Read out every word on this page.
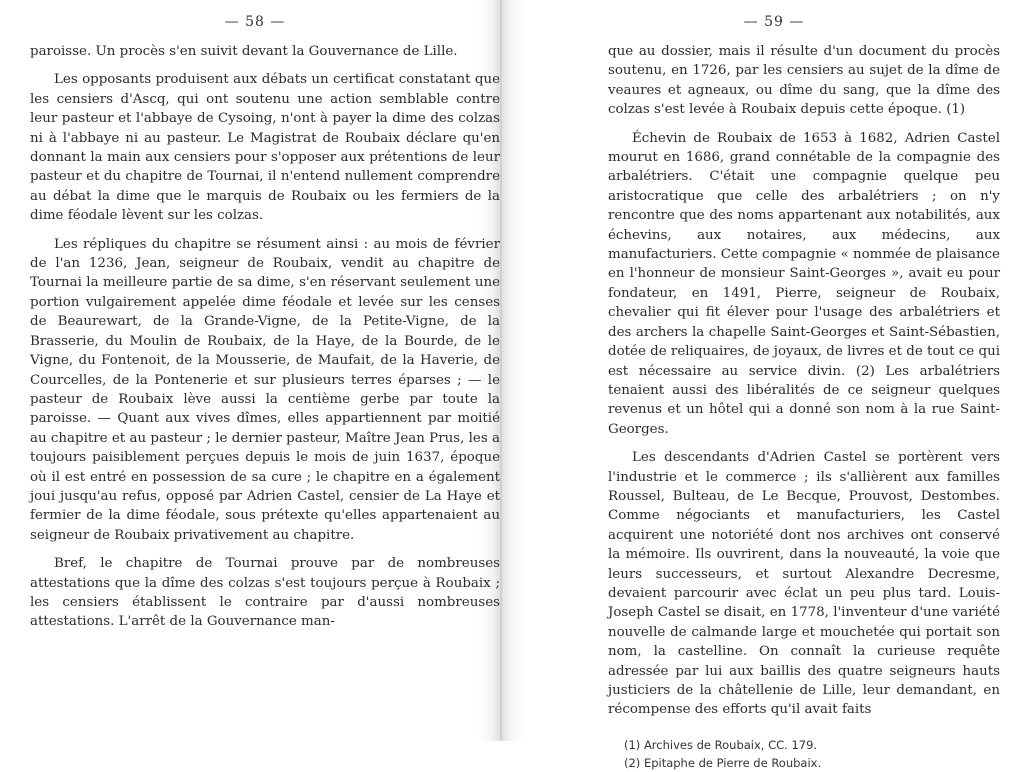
— 58 —

paroisse. Un procès s'en suivit devant la Gouvernance de Lille.

Les opposants produisent aux débats un certificat constatant que les censiers d'Ascq, qui ont soutenu une action semblable contre leur pasteur et l'abbaye de Cysoing, n'ont à payer la dime des colzas ni à l'abbaye ni au pasteur. Le Magistrat de Roubaix déclare qu'en donnant la main aux censiers pour s'opposer aux prétentions de leur pasteur et du chapitre de Tournai, il n'entend nullement comprendre au débat la dime que le marquis de Roubaix ou les fermiers de la dime féodale lèvent sur les colzas.

Les répliques du chapitre se résument ainsi : au mois de février de l'an 1236, Jean, seigneur de Roubaix, vendit au chapitre de Tournai la meilleure partie de sa dime, s'en réservant seulement une portion vulgairement appelée dime féodale et levée sur les censes de Beaurewart, de la Grande-Vigne, de la Petite-Vigne, de la Brasserie, du Moulin de Roubaix, de la Haye, de la Bourde, de le Vigne, du Fontenoit, de la Mousserie, de Maufait, de la Haverie, de Courcelles, de la Pontenerie et sur plusieurs terres éparses ; — le pasteur de Roubaix lève aussi la centième gerbe par toute la paroisse. — Quant aux vives dîmes, elles appartiennent par moitié au chapitre et au pasteur ; le dernier pasteur, Maître Jean Prus, les a toujours paisiblement perçues depuis le mois de juin 1637, époque où il est entré en possession de sa cure ; le chapitre en a également joui jusqu'au refus, opposé par Adrien Castel, censier de La Haye et fermier de la dime féodale, sous prétexte qu'elles appartenaient au seigneur de Roubaix privativement au chapitre.

Bref, le chapitre de Tournai prouve par de nombreuses attestations que la dîme des colzas s'est toujours perçue à Roubaix ; les censiers établissent le contraire par d'aussi nombreuses attestations. L'arrêt de la Gouvernance man-

— 59 —

que au dossier, mais il résulte d'un document du procès soutenu, en 1726, par les censiers au sujet de la dîme de veaures et agneaux, ou dîme du sang, que la dîme des colzas s'est levée à Roubaix depuis cette époque. (1)

Échevin de Roubaix de 1653 à 1682, Adrien Castel mourut en 1686, grand connétable de la compagnie des arbalétriers. C'était une compagnie quelque peu aristocratique que celle des arbalétriers ; on n'y rencontre que des noms appartenant aux notabilités, aux échevins, aux notaires, aux médecins, aux manufacturiers. Cette compagnie « nommée de plaisance en l'honneur de monsieur Saint-Georges », avait eu pour fondateur, en 1491, Pierre, seigneur de Roubaix, chevalier qui fit élever pour l'usage des arbalétriers et des archers la chapelle Saint-Georges et Saint-Sébastien, dotée de reliquaires, de joyaux, de livres et de tout ce qui est nécessaire au service divin. (2) Les arbalétriers tenaient aussi des libéralités de ce seigneur quelques revenus et un hôtel qui a donné son nom à la rue Saint-Georges.

Les descendants d'Adrien Castel se portèrent vers l'industrie et le commerce ; ils s'allièrent aux familles Roussel, Bulteau, de Le Becque, Prouvost, Destombes. Comme négociants et manufacturiers, les Castel acquirent une notoriété dont nos archives ont conservé la mémoire. Ils ouvrirent, dans la nouveauté, la voie que leurs successeurs, et surtout Alexandre Decresme, devaient parcourir avec éclat un peu plus tard. Louis-Joseph Castel se disait, en 1778, l'inventeur d'une variété nouvelle de calmande large et mouchetée qui portait son nom, la castelline. On connaît la curieuse requête adressée par lui aux baillis des quatre seigneurs hauts justiciers de la châtellenie de Lille, leur demandant, en récompense des efforts qu'il avait faits

(1) Archives de Roubaix, CC. 179.

(2) Epitaphe de Pierre de Roubaix.
